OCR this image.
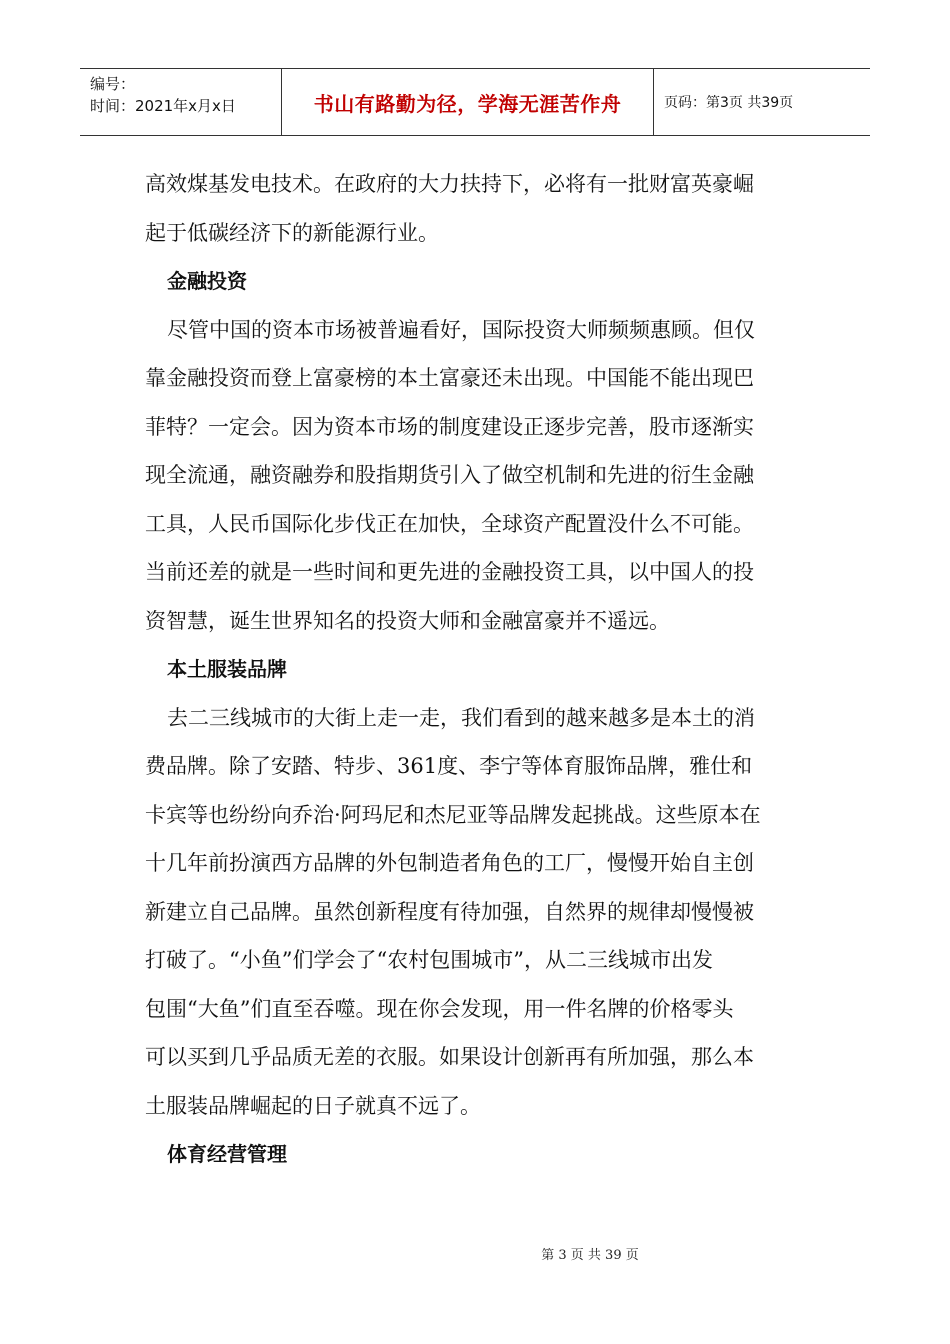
编号：
时间：2021年x月x日	书山有路勤为径，学海无涯苦作舟	页码：第3页 共39页

高效煤基发电技术。在政府的大力扶持下，必将有一批财富英豪崛
起于低碳经济下的新能源行业。

金融投资

尽管中国的资本市场被普遍看好，国际投资大师频频惠顾。但仅
靠金融投资而登上富豪榜的本土富豪还未出现。中国能不能出现巴
菲特？一定会。因为资本市场的制度建设正逐步完善，股市逐渐实
现全流通，融资融券和股指期货引入了做空机制和先进的衍生金融
工具，人民币国际化步伐正在加快，全球资产配置没什么不可能。
当前还差的就是一些时间和更先进的金融投资工具，以中国人的投
资智慧，诞生世界知名的投资大师和金融富豪并不遥远。

本土服装品牌

去二三线城市的大街上走一走，我们看到的越来越多是本土的消
费品牌。除了安踏、特步、361度、李宁等体育服饰品牌，雅仕和
卡宾等也纷纷向乔治·阿玛尼和杰尼亚等品牌发起挑战。这些原本在
十几年前扮演西方品牌的外包制造者角色的工厂，慢慢开始自主创
新建立自己品牌。虽然创新程度有待加强，自然界的规律却慢慢被
打破了。“小鱼”们学会了“农村包围城市”，从二三线城市出发
包围“大鱼”们直至吞噬。现在你会发现，用一件名牌的价格零头
可以买到几乎品质无差的衣服。如果设计创新再有所加强，那么本
土服装品牌崛起的日子就真不远了。

体育经营管理
第 3 页 共 39 页
